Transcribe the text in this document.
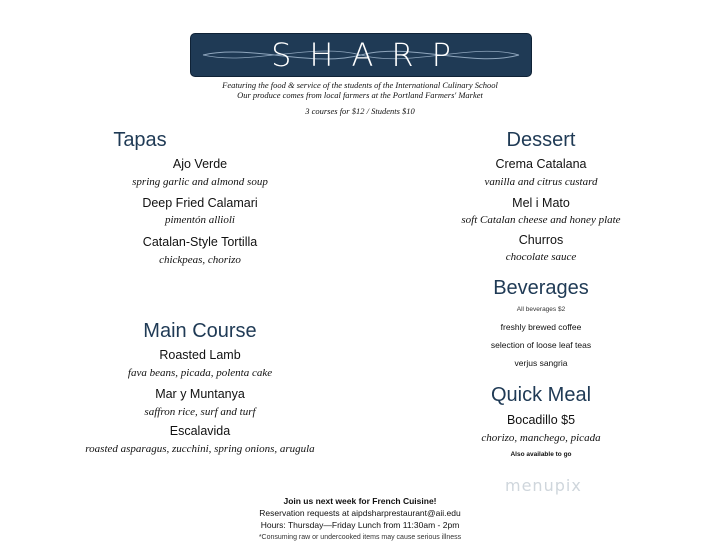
SHARP
Featuring the food & service of the students of the International Culinary School
Our produce comes from local farmers at the Portland Farmers' Market
3 courses for $12 / Students $10
Tapas
Ajo Verde
spring garlic and almond soup
Deep Fried Calamari
pimentón allioli
Catalan-Style Tortilla
chickpeas, chorizo
Main Course
Roasted Lamb
fava beans, picada, polenta cake
Mar y Muntanya
saffron rice, surf and turf
Escalavida
roasted asparagus, zucchini, spring onions, arugula
Dessert
Crema Catalana
vanilla and citrus custard
Mel i Mato
soft Catalan cheese and honey plate
Churros
chocolate sauce
Beverages
All beverages $2
freshly brewed coffee
selection of loose leaf teas
verjus sangria
Quick Meal
Bocadillo $5
chorizo, manchego, picada
Also available to go
Join us next week for French Cuisine!
Reservation requests at aipdsharprestaurant@aii.edu
Hours: Thursday—Friday Lunch from 11:30am - 2pm
*Consuming raw or undercooked items may cause serious illness
menupix
